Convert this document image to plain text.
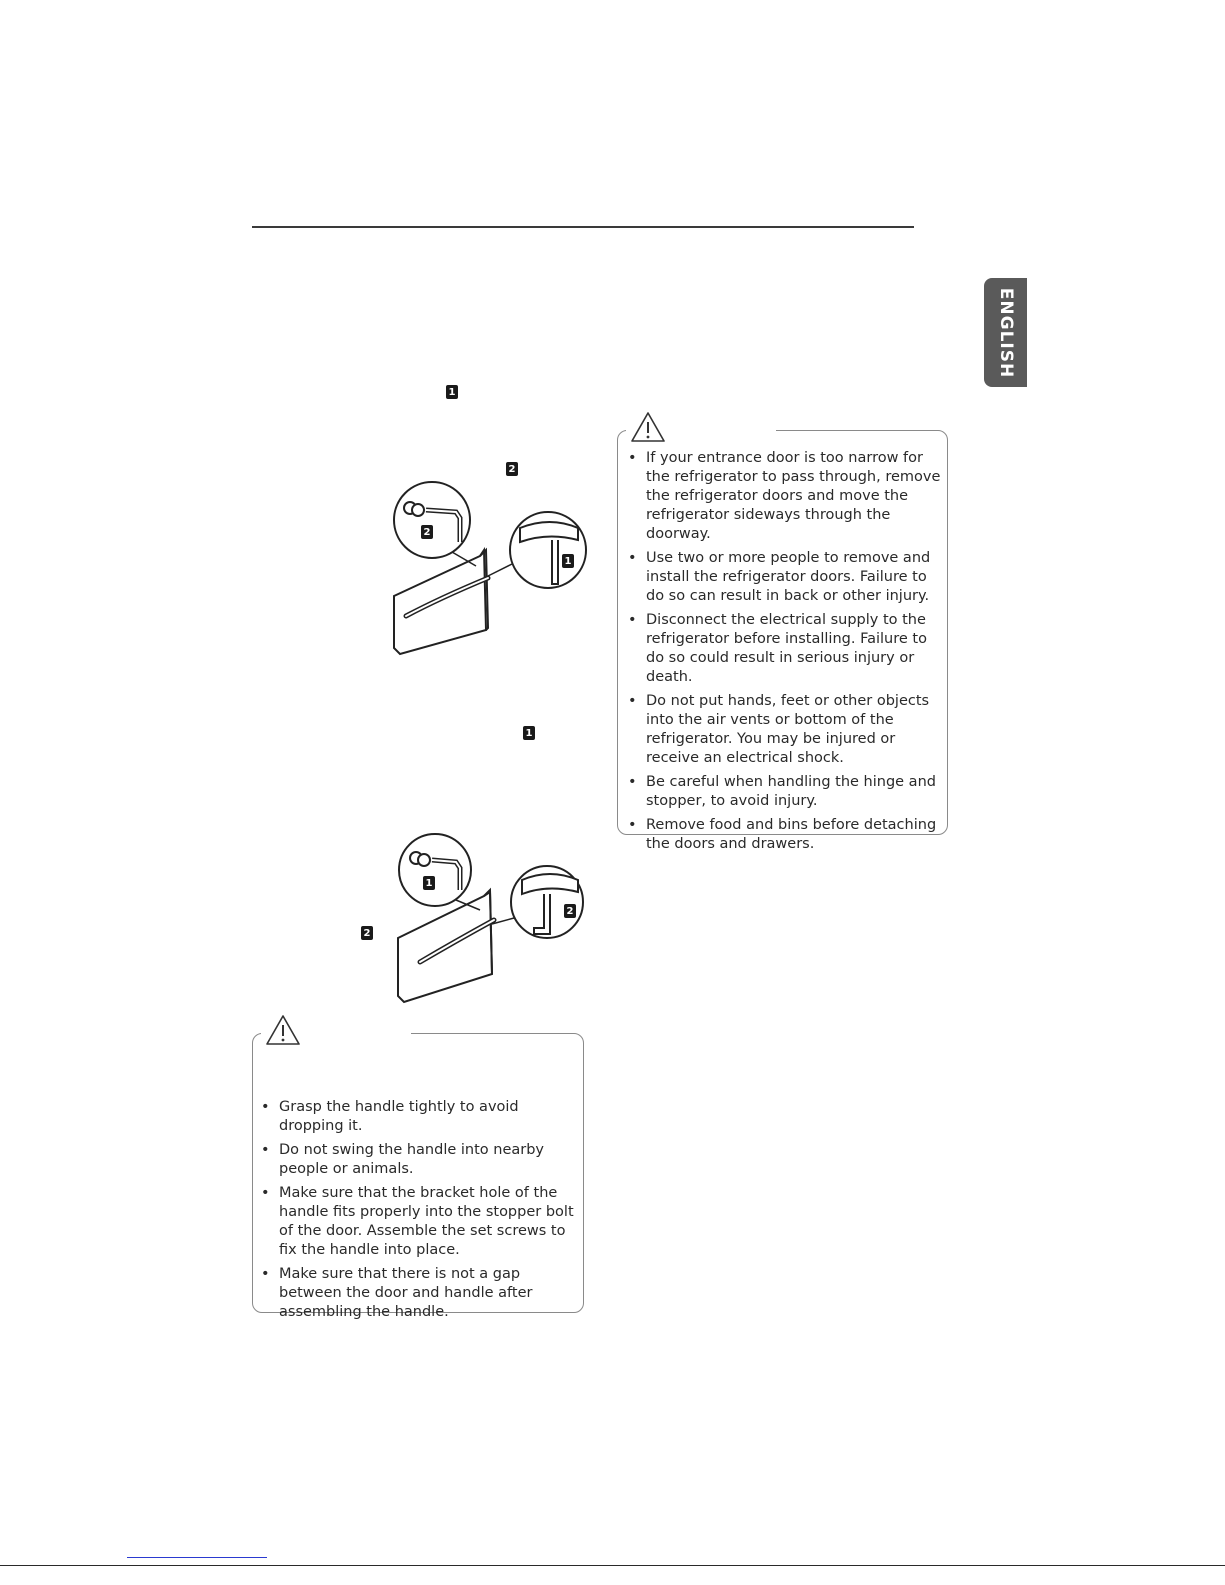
ENGLISH
1
2
1
2
2
1
1
2
• If your entrance door is too narrow for the refrigerator to pass through, remove the refrigerator doors and move the refrigerator sideways through the doorway.
• Use two or more people to remove and install the refrigerator doors. Failure to do so can result in back or other injury.
• Disconnect the electrical supply to the refrigerator before installing. Failure to do so could result in serious injury or death.
• Do not put hands, feet or other objects into the air vents or bottom of the refrigerator. You may be injured or receive an electrical shock.
• Be careful when handling the hinge and stopper, to avoid injury.
• Remove food and bins before detaching the doors and drawers.
• Grasp the handle tightly to avoid dropping it.
• Do not swing the handle into nearby people or animals.
• Make sure that the bracket hole of the handle fits properly into the stopper bolt of the door. Assemble the set screws to fix the handle into place.
• Make sure that there is not a gap between the door and handle after assembling the handle.
